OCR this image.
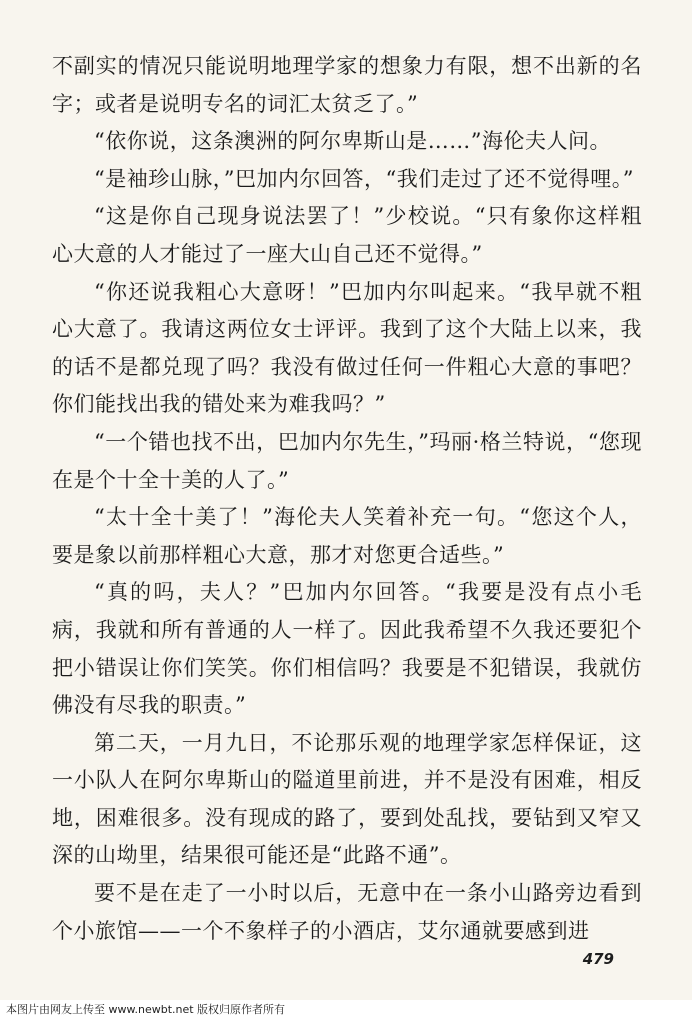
不副实的情况只能说明地理学家的想象力有限，想不出新的名字；或者是说明专名的词汇太贫乏了。”

“依你说，这条澳洲的阿尔卑斯山是……”海伦夫人问。

“是袖珍山脉，”巴加内尔回答，“我们走过了还不觉得哩。”

“这是你自己现身说法罢了！”少校说。“只有象你这样粗心大意的人才能过了一座大山自己还不觉得。”

“你还说我粗心大意呀！”巴加内尔叫起来。“我早就不粗心大意了。我请这两位女士评评。我到了这个大陆上以来，我的话不是都兑现了吗？我没有做过任何一件粗心大意的事吧？你们能找出我的错处来为难我吗？”

“一个错也找不出，巴加内尔先生，”玛丽·格兰特说，“您现在是个十全十美的人了。”

“太十全十美了！”海伦夫人笑着补充一句。“您这个人，要是象以前那样粗心大意，那才对您更合适些。”

“真的吗，夫人？”巴加内尔回答。“我要是没有点小毛病，我就和所有普通的人一样了。因此我希望不久我还要犯个把小错误让你们笑笑。你们相信吗？我要是不犯错误，我就仿佛没有尽我的职责。”

第二天，一月九日，不论那乐观的地理学家怎样保证，这一小队人在阿尔卑斯山的隘道里前进，并不是没有困难，相反地，困难很多。没有现成的路了，要到处乱找，要钻到又窄又深的山坳里，结果很可能还是“此路不通”。

要不是在走了一小时以后，无意中在一条小山路旁边看到个小旅馆——一个不象样子的小酒店，艾尔通就要感到进

479
本图片由网友上传至 www.newbt.net 版权归原作者所有
